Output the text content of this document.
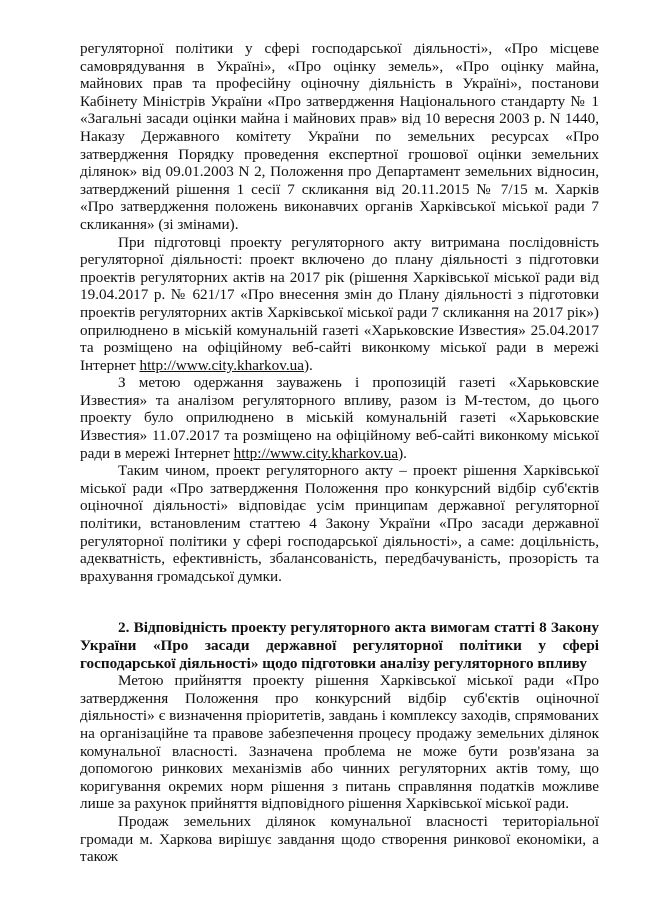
регуляторної політики у сфері господарської діяльності», «Про місцеве самоврядування в Україні», «Про оцінку земель», «Про оцінку майна, майнових прав та професійну оціночну діяльність в Україні», постанови Кабінету Міністрів України «Про затвердження Національного стандарту № 1 «Загальні засади оцінки майна і майнових прав» від 10 вересня 2003 р. N 1440, Наказу Державного комітету України по земельних ресурсах «Про затвердження Порядку проведення експертної грошової оцінки земельних ділянок» від 09.01.2003 N 2, Положення про Департамент земельних відносин, затверджений рішення 1 сесії 7 скликання від 20.11.2015 № 7/15 м. Харків «Про затвердження положень виконавчих органів Харківської міської ради 7 скликання» (зі змінами).

При підготовці проекту регуляторного акту витримана послідовність регуляторної діяльності: проект включено до плану діяльності з підготовки проектів регуляторних актів на 2017 рік (рішення Харківської міської ради від 19.04.2017 р. № 621/17 «Про внесення змін до Плану діяльності з підготовки проектів регуляторних актів Харківської міської ради 7 скликання на 2017 рік») оприлюднено в міській комунальній газеті «Харьковские Известия» 25.04.2017 та розміщено на офіційному веб-сайті виконкому міської ради в мережі Інтернет http://www.city.kharkov.ua).

З метою одержання зауважень і пропозицій газеті «Харьковские Известия» та аналізом регуляторного впливу, разом із М-тестом, до цього проекту було оприлюднено в міській комунальній газеті «Харьковские Известия» 11.07.2017 та розміщено на офіційному веб-сайті виконкому міської ради в мережі Інтернет http://www.city.kharkov.ua).

Таким чином, проект регуляторного акту – проект рішення Харківської міської ради «Про затвердження Положення про конкурсний відбір суб'єктів оціночної діяльності» відповідає усім принципам державної регуляторної політики, встановленим статтею 4 Закону України «Про засади державної регуляторної політики у сфері господарської діяльності», а саме: доцільність, адекватність, ефективність, збалансованість, передбачуваність, прозорість та врахування громадської думки.

2. Відповідність проекту регуляторного акта вимогам статті 8 Закону України «Про засади державної регуляторної політики у сфері господарської діяльності» щодо підготовки аналізу регуляторного впливу

Метою прийняття проекту рішення Харківської міської ради «Про затвердження Положення про конкурсний відбір суб'єктів оціночної діяльності» є визначення пріоритетів, завдань і комплексу заходів, спрямованих на організаційне та правове забезпечення процесу продажу земельних ділянок комунальної власності. Зазначена проблема не може бути розв'язана за допомогою ринкових механізмів або чинних регуляторних актів тому, що коригування окремих норм рішення з питань справляння податків можливе лише за рахунок прийняття відповідного рішення Харківської міської ради.

Продаж земельних ділянок комунальної власності територіальної громади м. Харкова вирішує завдання щодо створення ринкової економіки, а також
